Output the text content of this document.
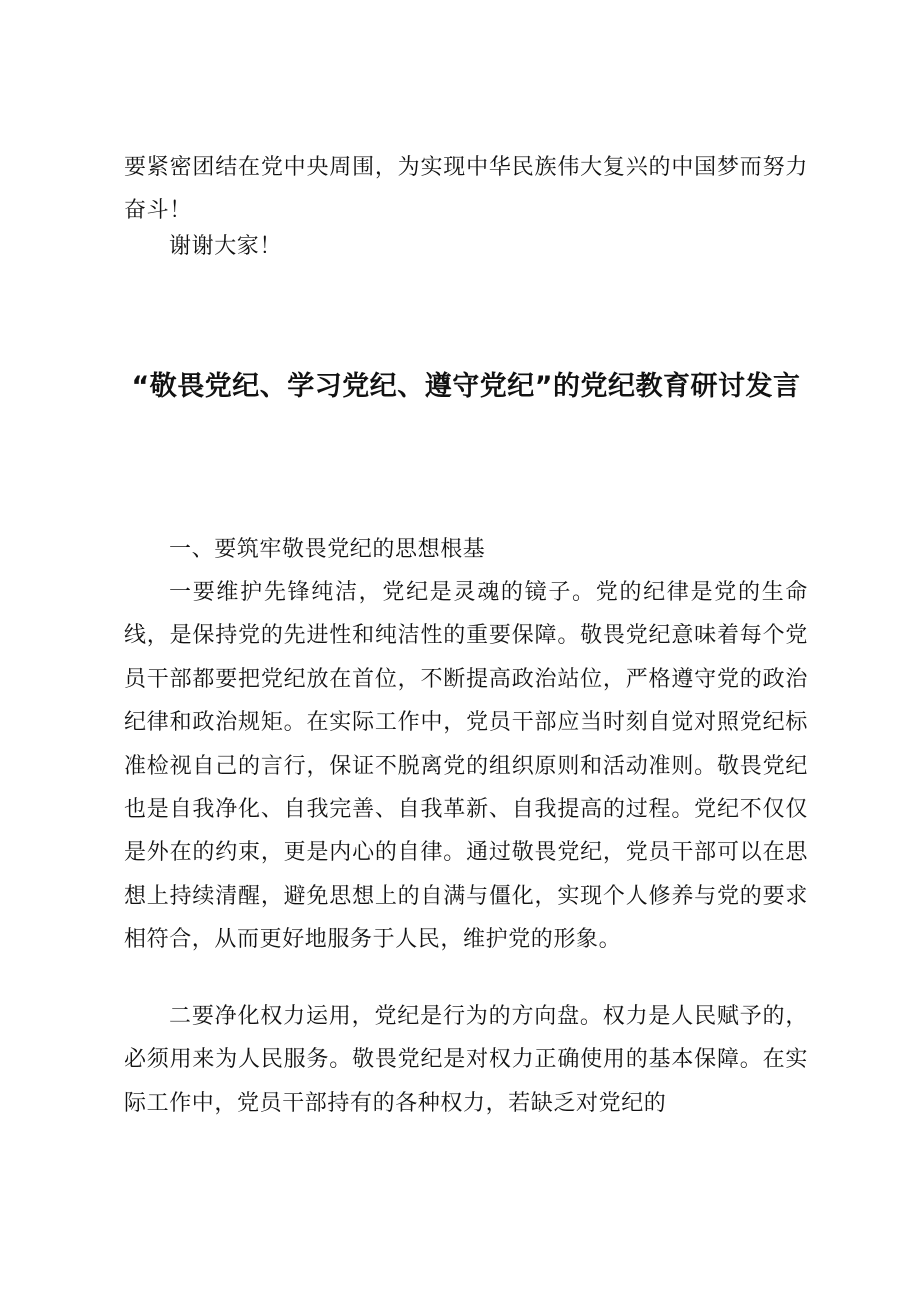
要紧密团结在党中央周围，为实现中华民族伟大复兴的中国梦而努力奋斗！

谢谢大家！

“敬畏党纪、学习党纪、遵守党纪”的党纪教育研讨发言

一、要筑牢敬畏党纪的思想根基

一要维护先锋纯洁，党纪是灵魂的镜子。党的纪律是党的生命线，是保持党的先进性和纯洁性的重要保障。敬畏党纪意味着每个党员干部都要把党纪放在首位，不断提高政治站位，严格遵守党的政治纪律和政治规矩。在实际工作中，党员干部应当时刻自觉对照党纪标准检视自己的言行，保证不脱离党的组织原则和活动准则。敬畏党纪也是自我净化、自我完善、自我革新、自我提高的过程。党纪不仅仅是外在的约束，更是内心的自律。通过敬畏党纪，党员干部可以在思想上持续清醒，避免思想上的自满与僵化，实现个人修养与党的要求相符合，从而更好地服务于人民，维护党的形象。

二要净化权力运用，党纪是行为的方向盘。权力是人民赋予的，必须用来为人民服务。敬畏党纪是对权力正确使用的基本保障。在实际工作中，党员干部持有的各种权力，若缺乏对党纪的
